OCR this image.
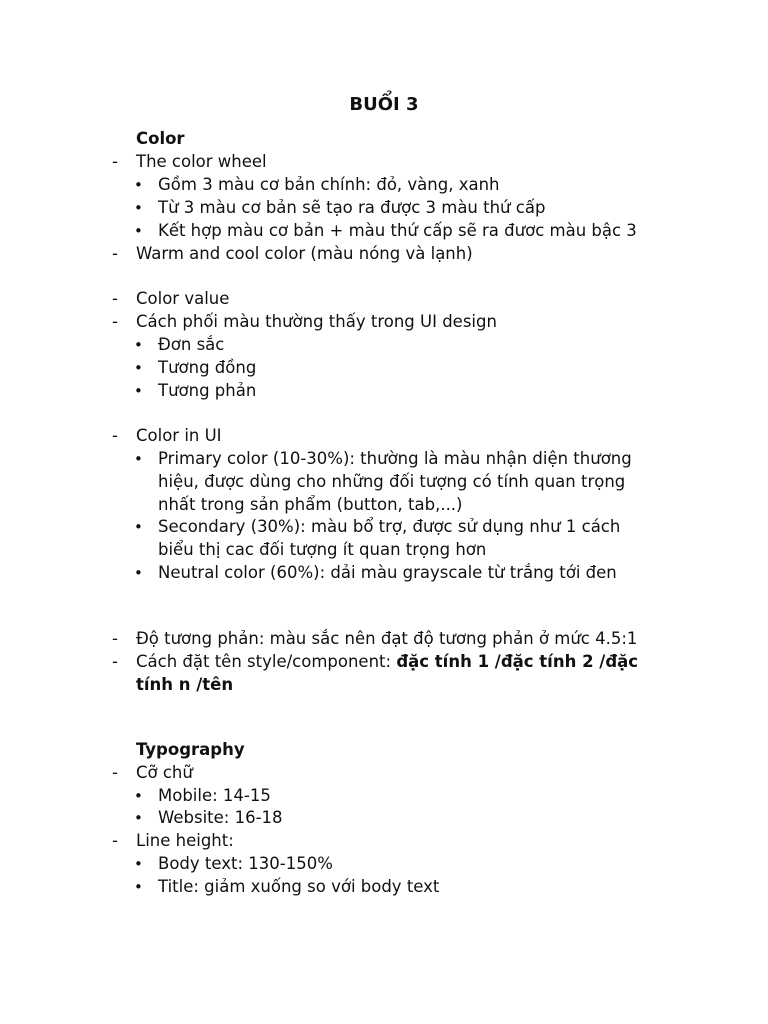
BUỔI 3
Color
-	The color wheel
• Gồm 3 màu cơ bản chính: đỏ, vàng, xanh
• Từ 3 màu cơ bản sẽ tạo ra được 3 màu thứ cấp
• Kết hợp màu cơ bản + màu thứ cấp sẽ ra đươc màu bậc 3
-	Warm and cool color (màu nóng và lạnh)
-	Color value
-	Cách phối màu thường thấy trong UI design
• Đơn sắc
• Tương đồng
• Tương phản
-	Color in UI
• Primary color (10-30%): thường là màu nhận diện thương
hiệu, được dùng cho những đối tượng có tính quan trọng
nhất trong sản phẩm (button, tab,...)
• Secondary (30%): màu bổ trợ, được sử dụng như 1 cách
biểu thị cac đối tượng ít quan trọng hơn
• Neutral color (60%): dải màu grayscale từ trắng tới đen
-	Độ tương phản: màu sắc nên đạt độ tương phản ở mức 4.5:1
-	Cách đặt tên style/component: đặc tính 1 /đặc tính 2 /đặc
tính n /tên
Typography
-	Cỡ chữ
• Mobile: 14-15
• Website: 16-18
-	Line height:
• Body text: 130-150%
• Title: giảm xuống so với body text
